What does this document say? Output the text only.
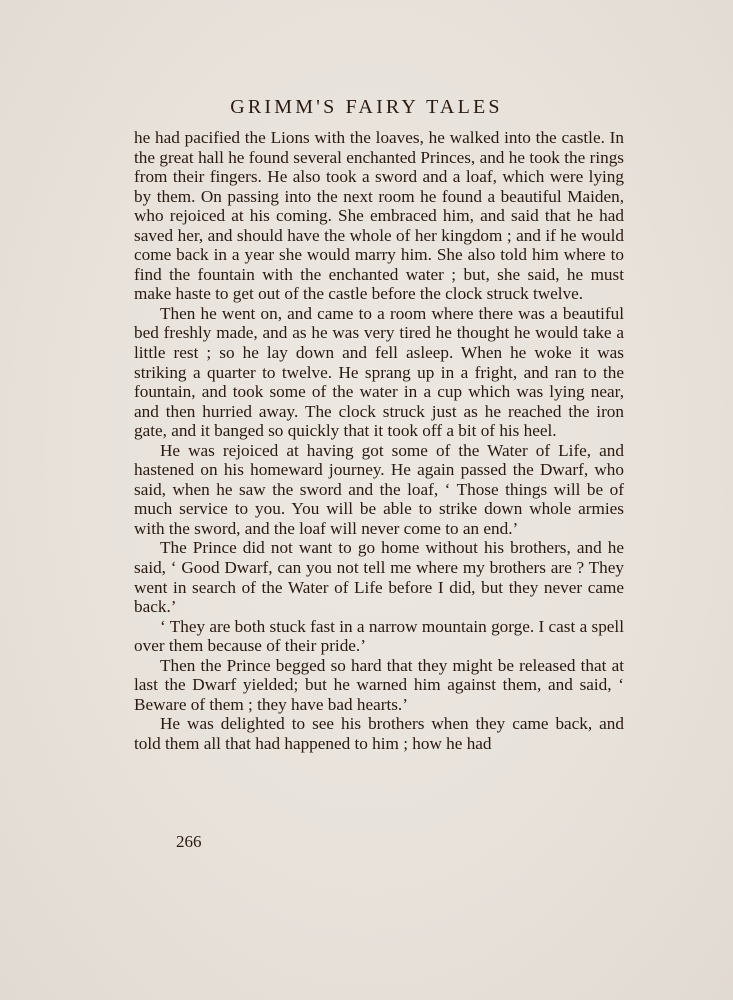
GRIMM'S FAIRY TALES

he had pacified the Lions with the loaves, he walked into the castle. In the great hall he found several enchanted Princes, and he took the rings from their fingers. He also took a sword and a loaf, which were lying by them. On passing into the next room he found a beautiful Maiden, who rejoiced at his coming. She embraced him, and said that he had saved her, and should have the whole of her kingdom ; and if he would come back in a year she would marry him. She also told him where to find the fountain with the enchanted water ; but, she said, he must make haste to get out of the castle before the clock struck twelve.

Then he went on, and came to a room where there was a beautiful bed freshly made, and as he was very tired he thought he would take a little rest ; so he lay down and fell asleep. When he woke it was striking a quarter to twelve. He sprang up in a fright, and ran to the fountain, and took some of the water in a cup which was lying near, and then hurried away. The clock struck just as he reached the iron gate, and it banged so quickly that it took off a bit of his heel.

He was rejoiced at having got some of the Water of Life, and hastened on his homeward journey. He again passed the Dwarf, who said, when he saw the sword and the loaf, ‘ Those things will be of much service to you. You will be able to strike down whole armies with the sword, and the loaf will never come to an end.’

The Prince did not want to go home without his brothers, and he said, ‘ Good Dwarf, can you not tell me where my brothers are ? They went in search of the Water of Life before I did, but they never came back.’

‘ They are both stuck fast in a narrow mountain gorge. I cast a spell over them because of their pride.’

Then the Prince begged so hard that they might be released that at last the Dwarf yielded; but he warned him against them, and said, ‘ Beware of them ; they have bad hearts.’

He was delighted to see his brothers when they came back, and told them all that had happened to him ; how he had

266
